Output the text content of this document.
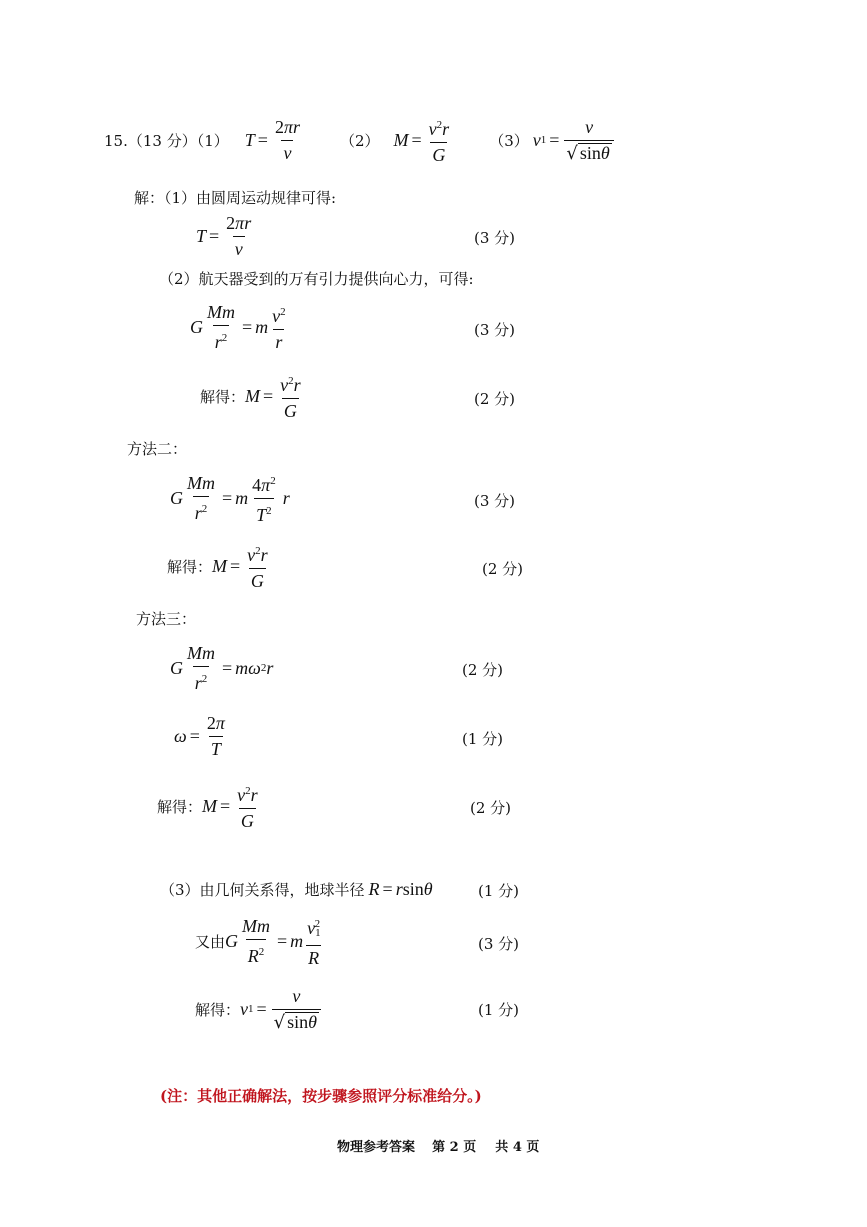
15.（13 分）（1） $T = \frac{2\pi r}{v}$	（2） $M = \frac{v^2r}{G}$	（3） v $1 = \frac{v}{√ \sin\theta}$
解：（1）由圆周运动规律可得:
$T = \frac{2\pi r}{v}$	(3 分)
（2）航天器受到的万有引力提供向心力，可得:
G $\frac{Mm}{r^2} = m \frac{v^2}{r}$	(3 分)
解得： $M = \frac{v^2r}{G}$	(2 分)
方法二：
G $\frac{Mm}{r^2} = m \frac{4\pi^2}{T^2}$ r	(3 分)
解得： $M = \frac{v^2r}{G}$	(2 分)
方法三：
G $\frac{Mm}{r^2} = m\omega$ 2 r	(2 分)
$\omega = \frac{2\pi}{T}$	(1 分)
解得： $M = \frac{v^2r}{G}$	(2 分)
（3）由几何关系得，地球半径 R = r sin θ	(1 分)
又由 G $\frac{Mm}{R^2} = m \frac{v_1^2}{R}$	(3 分)
解得： v $1 = \frac{v}{√ \sin\theta}$	(1 分)
(注：其他正确解法，按步骤参照评分标准给分。)
物理参考答案 第 2 页 共 4 页
